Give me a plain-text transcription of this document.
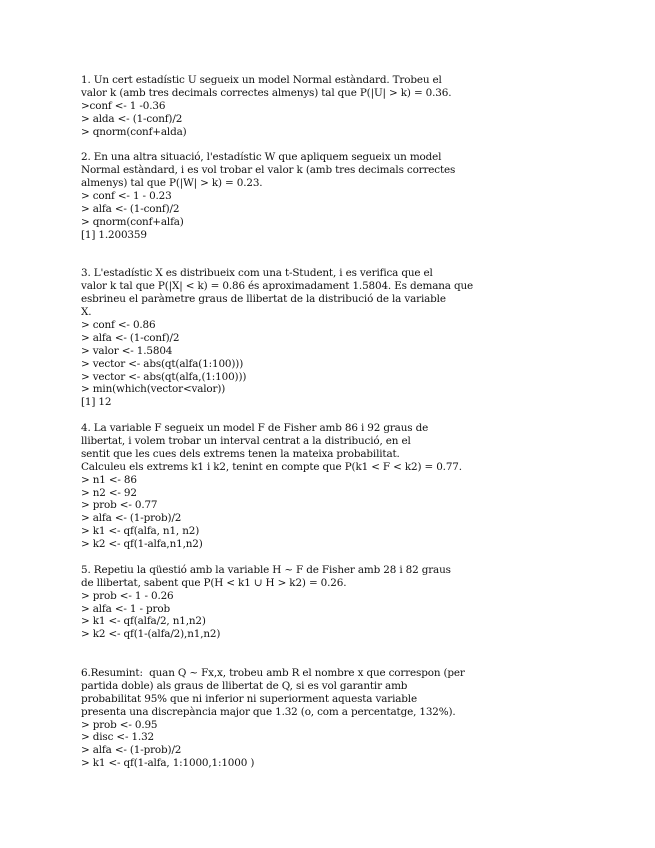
1. Un cert estadístic U segueix un model Normal estàndard. Trobeu el
valor k (amb tres decimals correctes almenys) tal que P(|U| > k) = 0.36.
>conf <- 1 -0.36
> alda <- (1-conf)/2
> qnorm(conf+alda)
2. En una altra situació, l'estadístic W que apliquem segueix un model
Normal estàndard, i es vol trobar el valor k (amb tres decimals correctes
almenys) tal que P(|W| > k) = 0.23.
> conf <- 1 - 0.23
> alfa <- (1-conf)/2
> qnorm(conf+alfa)
[1] 1.200359
3. L'estadístic X es distribueix com una t-Student, i es verifica que el
valor k tal que P(|X| < k) = 0.86 és aproximadament 1.5804. Es demana que
esbrineu el paràmetre graus de llibertat de la distribució de la variable
X.
> conf <- 0.86
> alfa <- (1-conf)/2
> valor <- 1.5804
> vector <- abs(qt(alfa(1:100)))
> vector <- abs(qt(alfa,(1:100)))
> min(which(vector<valor))
[1] 12
4. La variable F segueix un model F de Fisher amb 86 i 92 graus de
llibertat, i volem trobar un interval centrat a la distribució, en el
sentit que les cues dels extrems tenen la mateixa probabilitat.
Calculeu els extrems k1 i k2, tenint en compte que P(k1 < F < k2) = 0.77.
> n1 <- 86
> n2 <- 92
> prob <- 0.77
> alfa <- (1-prob)/2
> k1 <- qf(alfa, n1, n2)
> k2 <- qf(1-alfa,n1,n2)
5. Repetiu la qüestió amb la variable H ~ F de Fisher amb 28 i 82 graus
de llibertat, sabent que P(H < k1 ∪ H > k2) = 0.26.
> prob <- 1 - 0.26
> alfa <- 1 - prob
> k1 <- qf(alfa/2, n1,n2)
> k2 <- qf(1-(alfa/2),n1,n2)
6.Resumint:  quan Q ~ Fx,x, trobeu amb R el nombre x que correspon (per
partida doble) als graus de llibertat de Q, si es vol garantir amb
probabilitat 95% que ni inferior ni superiorment aquesta variable
presenta una discrepància major que 1.32 (o, com a percentatge, 132%).
> prob <- 0.95
> disc <- 1.32
> alfa <- (1-prob)/2
> k1 <- qf(1-alfa, 1:1000,1:1000 )
